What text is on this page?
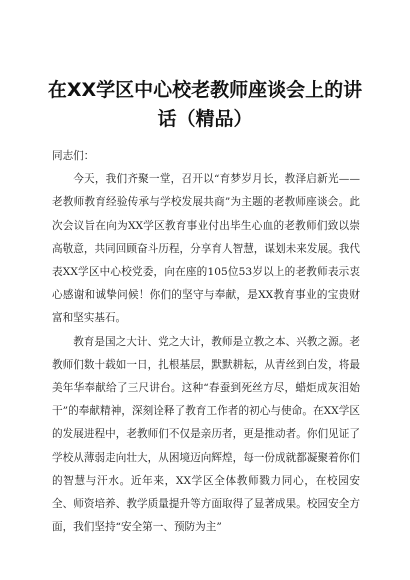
在XX学区中心校老教师座谈会上的讲话（精品）

同志们：

今天，我们齐聚一堂，召开以“育梦岁月长，教泽启新光——老教师教育经验传承与学校发展共商”为主题的老教师座谈会。此次会议旨在向为XX学区教育事业付出毕生心血的老教师们致以崇高敬意，共同回顾奋斗历程，分享育人智慧，谋划未来发展。我代表XX学区中心校党委，向在座的105位53岁以上的老教师表示衷心感谢和诚挚问候！你们的坚守与奉献，是XX教育事业的宝贵财富和坚实基石。

教育是国之大计、党之大计，教师是立教之本、兴教之源。老教师们数十载如一日，扎根基层，默默耕耘，从青丝到白发，将最美年华奉献给了三尺讲台。这种“春蚕到死丝方尽，蜡炬成灰泪始干”的奉献精神，深刻诠释了教育工作者的初心与使命。在XX学区的发展进程中，老教师们不仅是亲历者，更是推动者。你们见证了学校从薄弱走向壮大，从困境迈向辉煌，每一份成就都凝聚着你们的智慧与汗水。近年来，XX学区全体教师戮力同心，在校园安全、师资培养、教学质量提升等方面取得了显著成果。校园安全方面，我们坚持“安全第一、预防为主”
